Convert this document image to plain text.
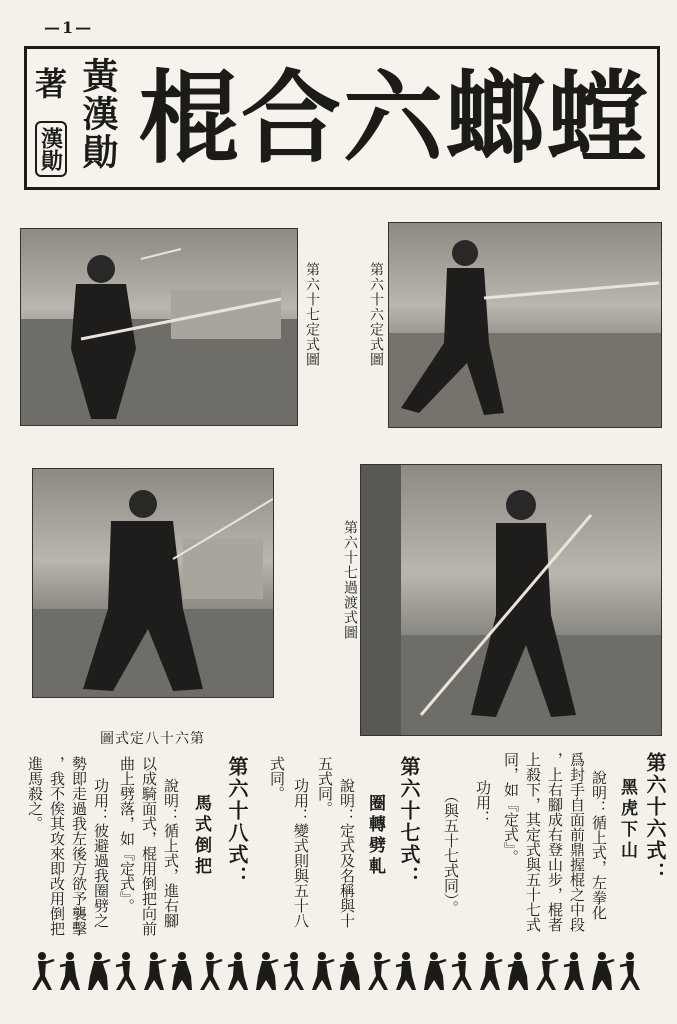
—1—
著
漢勛 黃漢勛 螳螂六合棍
第六十七定式圖	第六十六定式圖
第六十八定式圖
第六十七過渡式圖
第六十六式：
黑虎下山
說明：循上式，左拳化
爲封手自面前鼎握棍之中段
，上右腳成右登山步，棍者
上殺下，其定式與五十七式
同，如『定式』。
功用：
（與五十七式同）。
第六十七式：
圈轉劈軋
說明：定式及名稱與十
五式同。
功用：變式則與五十八
式同。
第六十八式：
馬式倒把
說明：循上式，進右腳
以成騎面式，棍用倒把向前
曲上劈落，如『定式』。
功用：彼避過我圈劈之
勢即走過我左後方欲予襲擊
，我不俟其攻來即改用倒把
進馬殺之。
